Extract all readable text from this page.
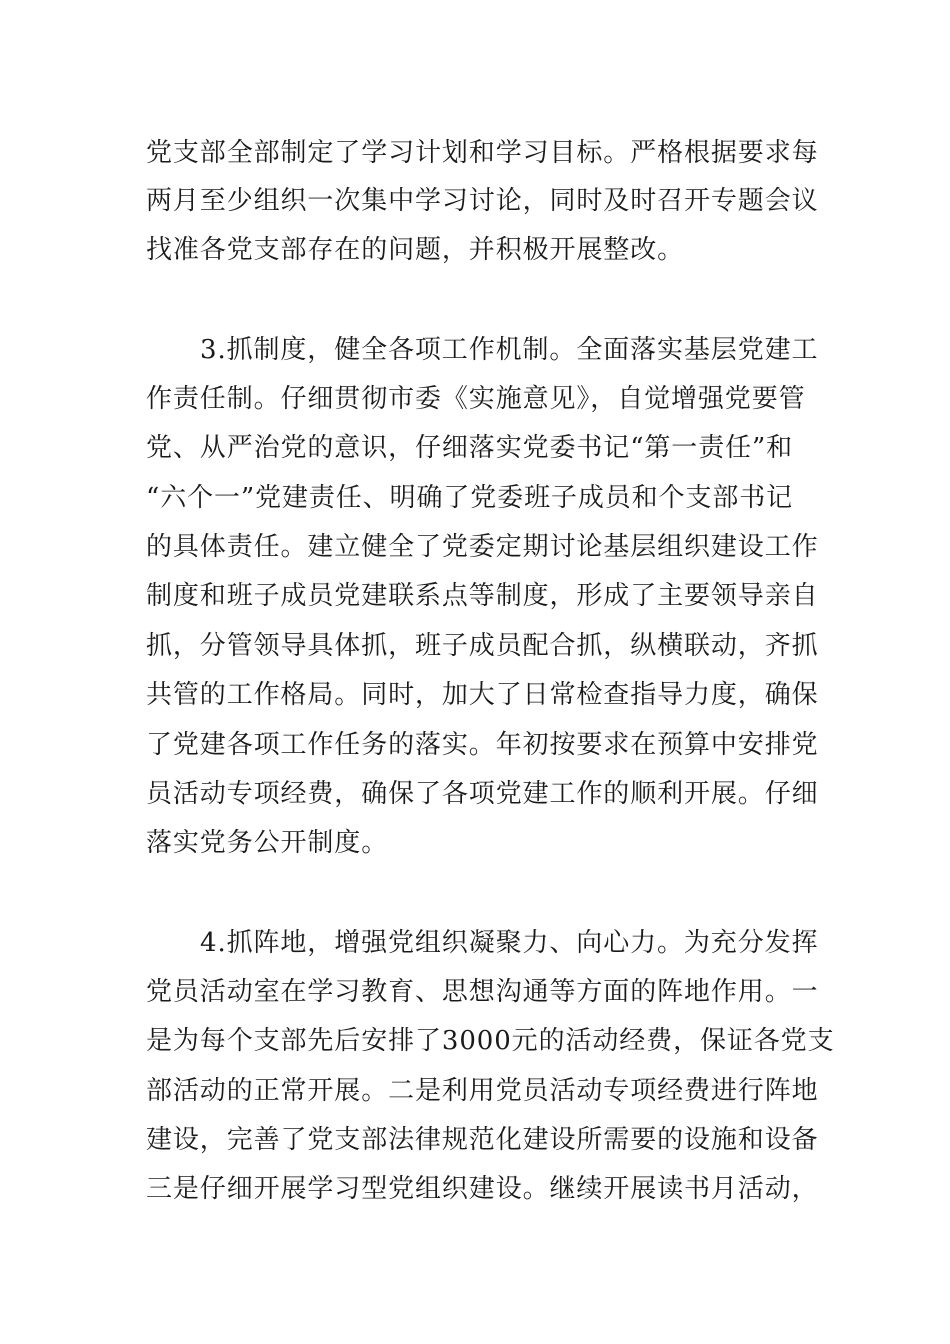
党支部全部制定了学习计划和学习目标。严格根据要求每

两月至少组织一次集中学习讨论，同时及时召开专题会议

找准各党支部存在的问题，并积极开展整改。

3.抓制度，健全各项工作机制。全面落实基层党建工

作责任制。仔细贯彻市委《实施意见》，自觉增强党要管

党、从严治党的意识，仔细落实党委书记“第一责任”和

“六个一”党建责任、明确了党委班子成员和个支部书记

的具体责任。建立健全了党委定期讨论基层组织建设工作

制度和班子成员党建联系点等制度，形成了主要领导亲自

抓，分管领导具体抓，班子成员配合抓，纵横联动，齐抓

共管的工作格局。同时，加大了日常检查指导力度，确保

了党建各项工作任务的落实。年初按要求在预算中安排党

员活动专项经费，确保了各项党建工作的顺利开展。仔细

落实党务公开制度。

4.抓阵地，增强党组织凝聚力、向心力。为充分发挥

党员活动室在学习教育、思想沟通等方面的阵地作用。一

是为每个支部先后安排了3000元的活动经费，保证各党支

部活动的正常开展。二是利用党员活动专项经费进行阵地

建设，完善了党支部法律规范化建设所需要的设施和设备

三是仔细开展学习型党组织建设。继续开展读书月活动，
